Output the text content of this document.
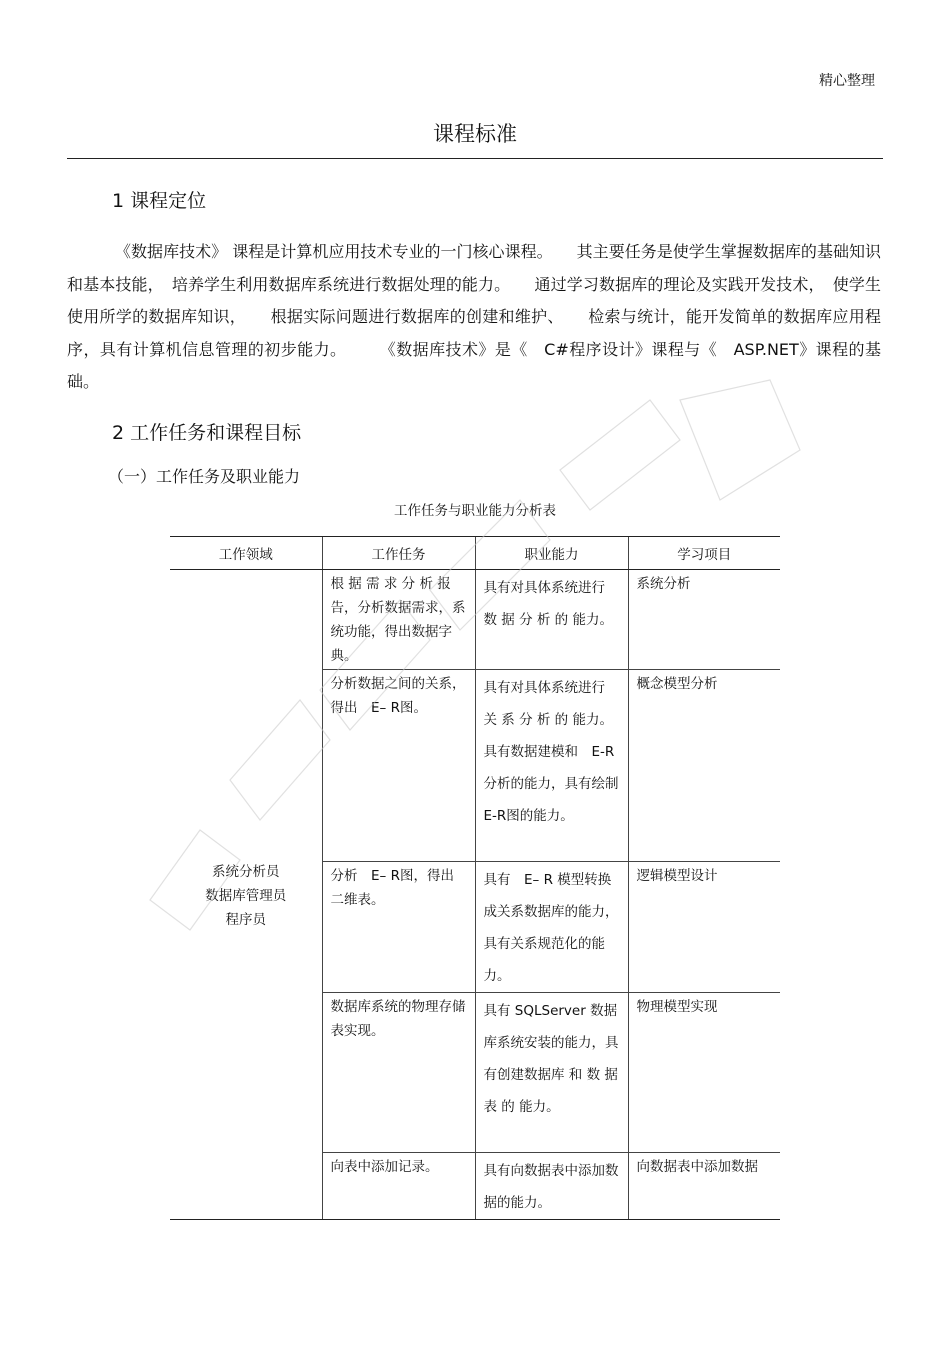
精心整理
课程标准
1 课程定位
《数据库技术》 课程是计算机应用技术专业的一门核心课程。　　其主要任务是使学生掌握数据库的基础知识和基本技能，　培养学生利用数据库系统进行数据处理的能力。　　通过学习数据库的理论及实践开发技术，　使学生使用所学的数据库知识，　　根据实际问题进行数据库的创建和维护、　　检索与统计，能开发简单的数据库应用程序，具有计算机信息管理的初步能力。　　　《数据库技术》是《　C#程序设计》课程与《　ASP.NET》课程的基础。
2 工作任务和课程目标
（一）工作任务及职业能力
工作任务与职业能力分析表
工作领域	工作任务	职业能力	学习项目

系统分析员
数据库管理员
程序员	根 据 需 求 分 析 报告，分析数据需求，系统功能，得出数据字典。	具有对具体系统进行 数 据 分 析 的 能力。	系统分析
	分析数据之间的关系，得出　E– R图。	具有对具体系统进行 关 系 分 析 的 能力。具有数据建模和　E-R　分析的能力，具有绘制　　E-R图的能力。	概念模型分析
	分析　E– R图，得出二维表。	具有　E– R 模型转换成关系数据库的能力，具有关系规范化的能力。	逻辑模型设计
	数据库系统的物理存储表实现。	具有 SQLServer 数据库系统安装的能力，具有创建数据库 和 数 据 表 的 能力。	物理模型实现
	向表中添加记录。	具有向数据表中添加数据的能力。	向数据表中添加数据
